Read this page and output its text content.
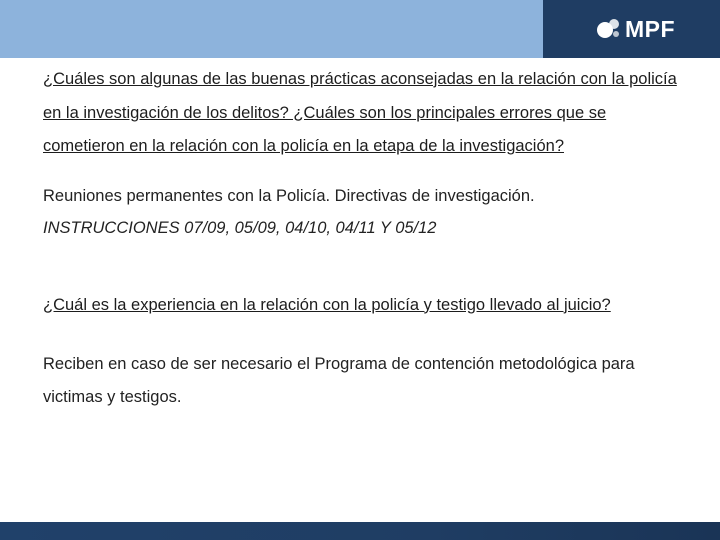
MPF

¿Cuáles son algunas de las buenas prácticas aconsejadas en la relación con la policía en la investigación de los delitos? ¿Cuáles son los principales errores que se cometieron en la relación con la policía en la etapa de la investigación?

Reuniones permanentes con la Policía. Directivas de investigación.

INSTRUCCIONES 07/09, 05/09, 04/10, 04/11 Y 05/12

¿Cuál es la experiencia en la relación con la policía y testigo llevado al juicio?

Reciben en caso de ser necesario el Programa de contención metodológica para victimas y testigos.
